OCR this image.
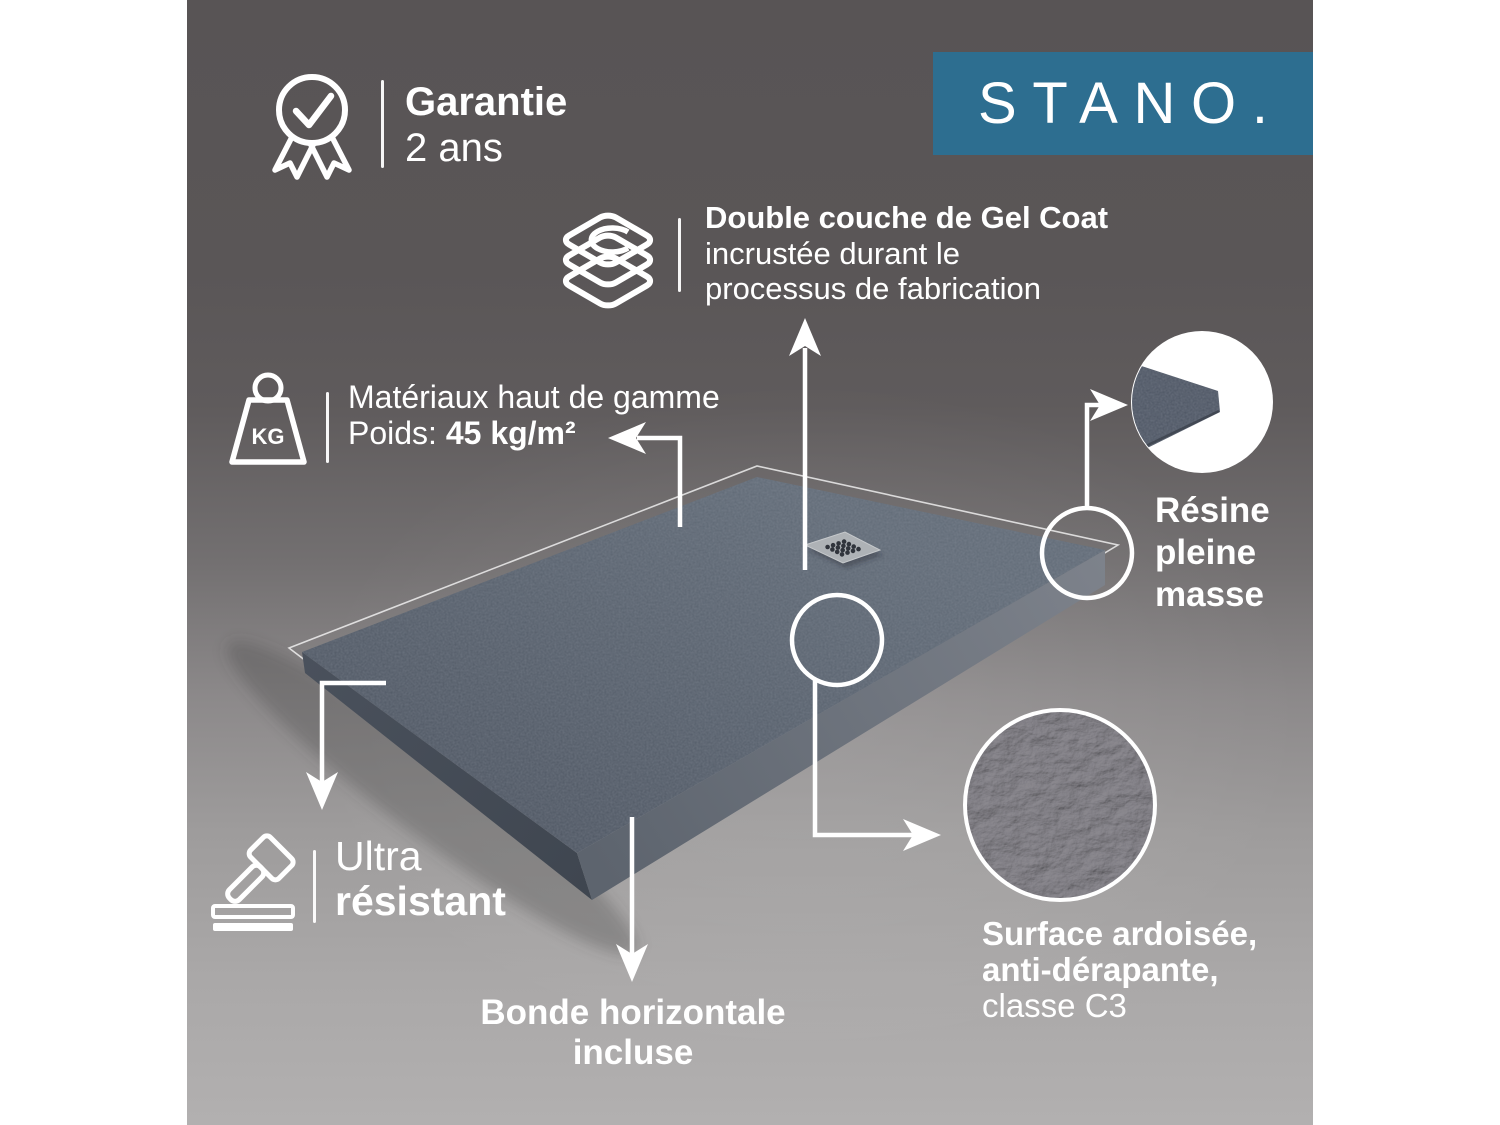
KG
Garantie
2 ans
STANO.
Double couche de Gel Coat
incrustée durant le
processus de fabrication
Matériaux haut de gamme
Poids: 45 kg/m²
Résine
pleine
masse
Ultra
résistant
Bonde horizontale incluse
Surface ardoisée,
anti-dérapante,
classe C3
